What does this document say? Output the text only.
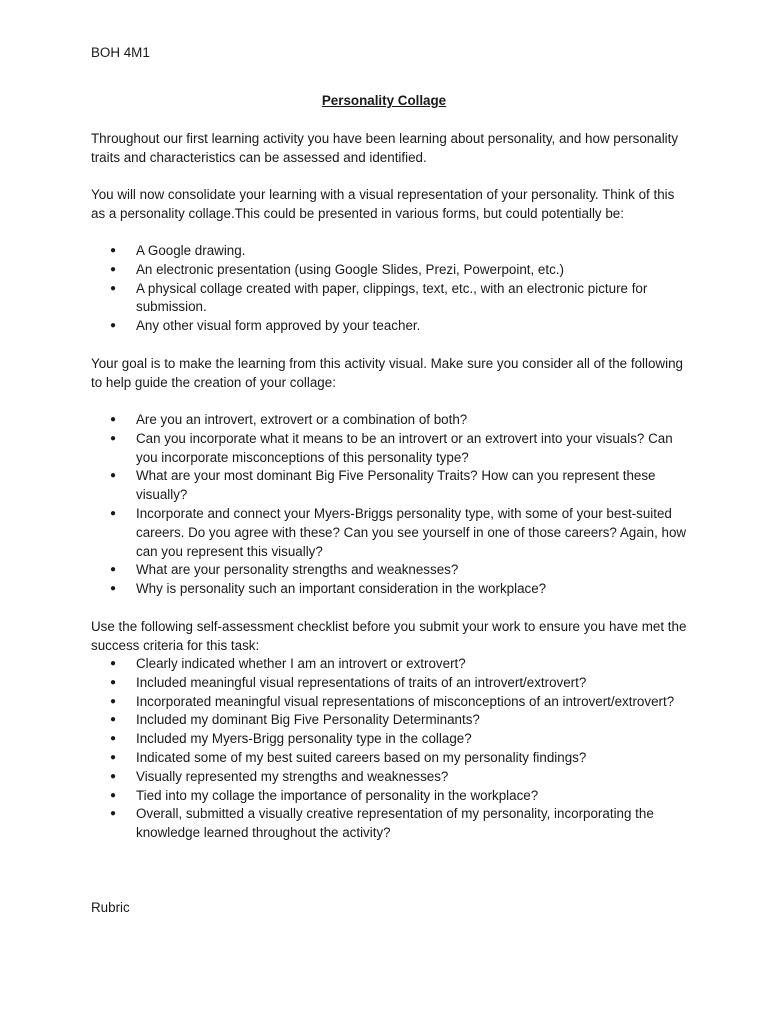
BOH 4M1

Personality Collage

Throughout our first learning activity you have been learning about personality, and how personality traits and characteristics can be assessed and identified.

You will now consolidate your learning with a visual representation of your personality. Think of this as a personality collage.This could be presented in various forms, but could potentially be:

● A Google drawing.
● An electronic presentation (using Google Slides, Prezi, Powerpoint, etc.)
● A physical collage created with paper, clippings, text, etc., with an electronic picture for submission.
● Any other visual form approved by your teacher.

Your goal is to make the learning from this activity visual. Make sure you consider all of the following to help guide the creation of your collage:

● Are you an introvert, extrovert or a combination of both?
● Can you incorporate what it means to be an introvert or an extrovert into your visuals? Can you incorporate misconceptions of this personality type?
● What are your most dominant Big Five Personality Traits? How can you represent these visually?
● Incorporate and connect your Myers-Briggs personality type, with some of your best-suited careers. Do you agree with these? Can you see yourself in one of those careers? Again, how can you represent this visually?
● What are your personality strengths and weaknesses?
● Why is personality such an important consideration in the workplace?

Use the following self-assessment checklist before you submit your work to ensure you have met the success criteria for this task:

● Clearly indicated whether I am an introvert or extrovert?
● Included meaningful visual representations of traits of an introvert/extrovert?
● Incorporated meaningful visual representations of misconceptions of an introvert/extrovert?
● Included my dominant Big Five Personality Determinants?
● Included my Myers-Brigg personality type in the collage?
● Indicated some of my best suited careers based on my personality findings?
● Visually represented my strengths and weaknesses?
● Tied into my collage the importance of personality in the workplace?
● Overall, submitted a visually creative representation of my personality, incorporating the knowledge learned throughout the activity?

Rubric
